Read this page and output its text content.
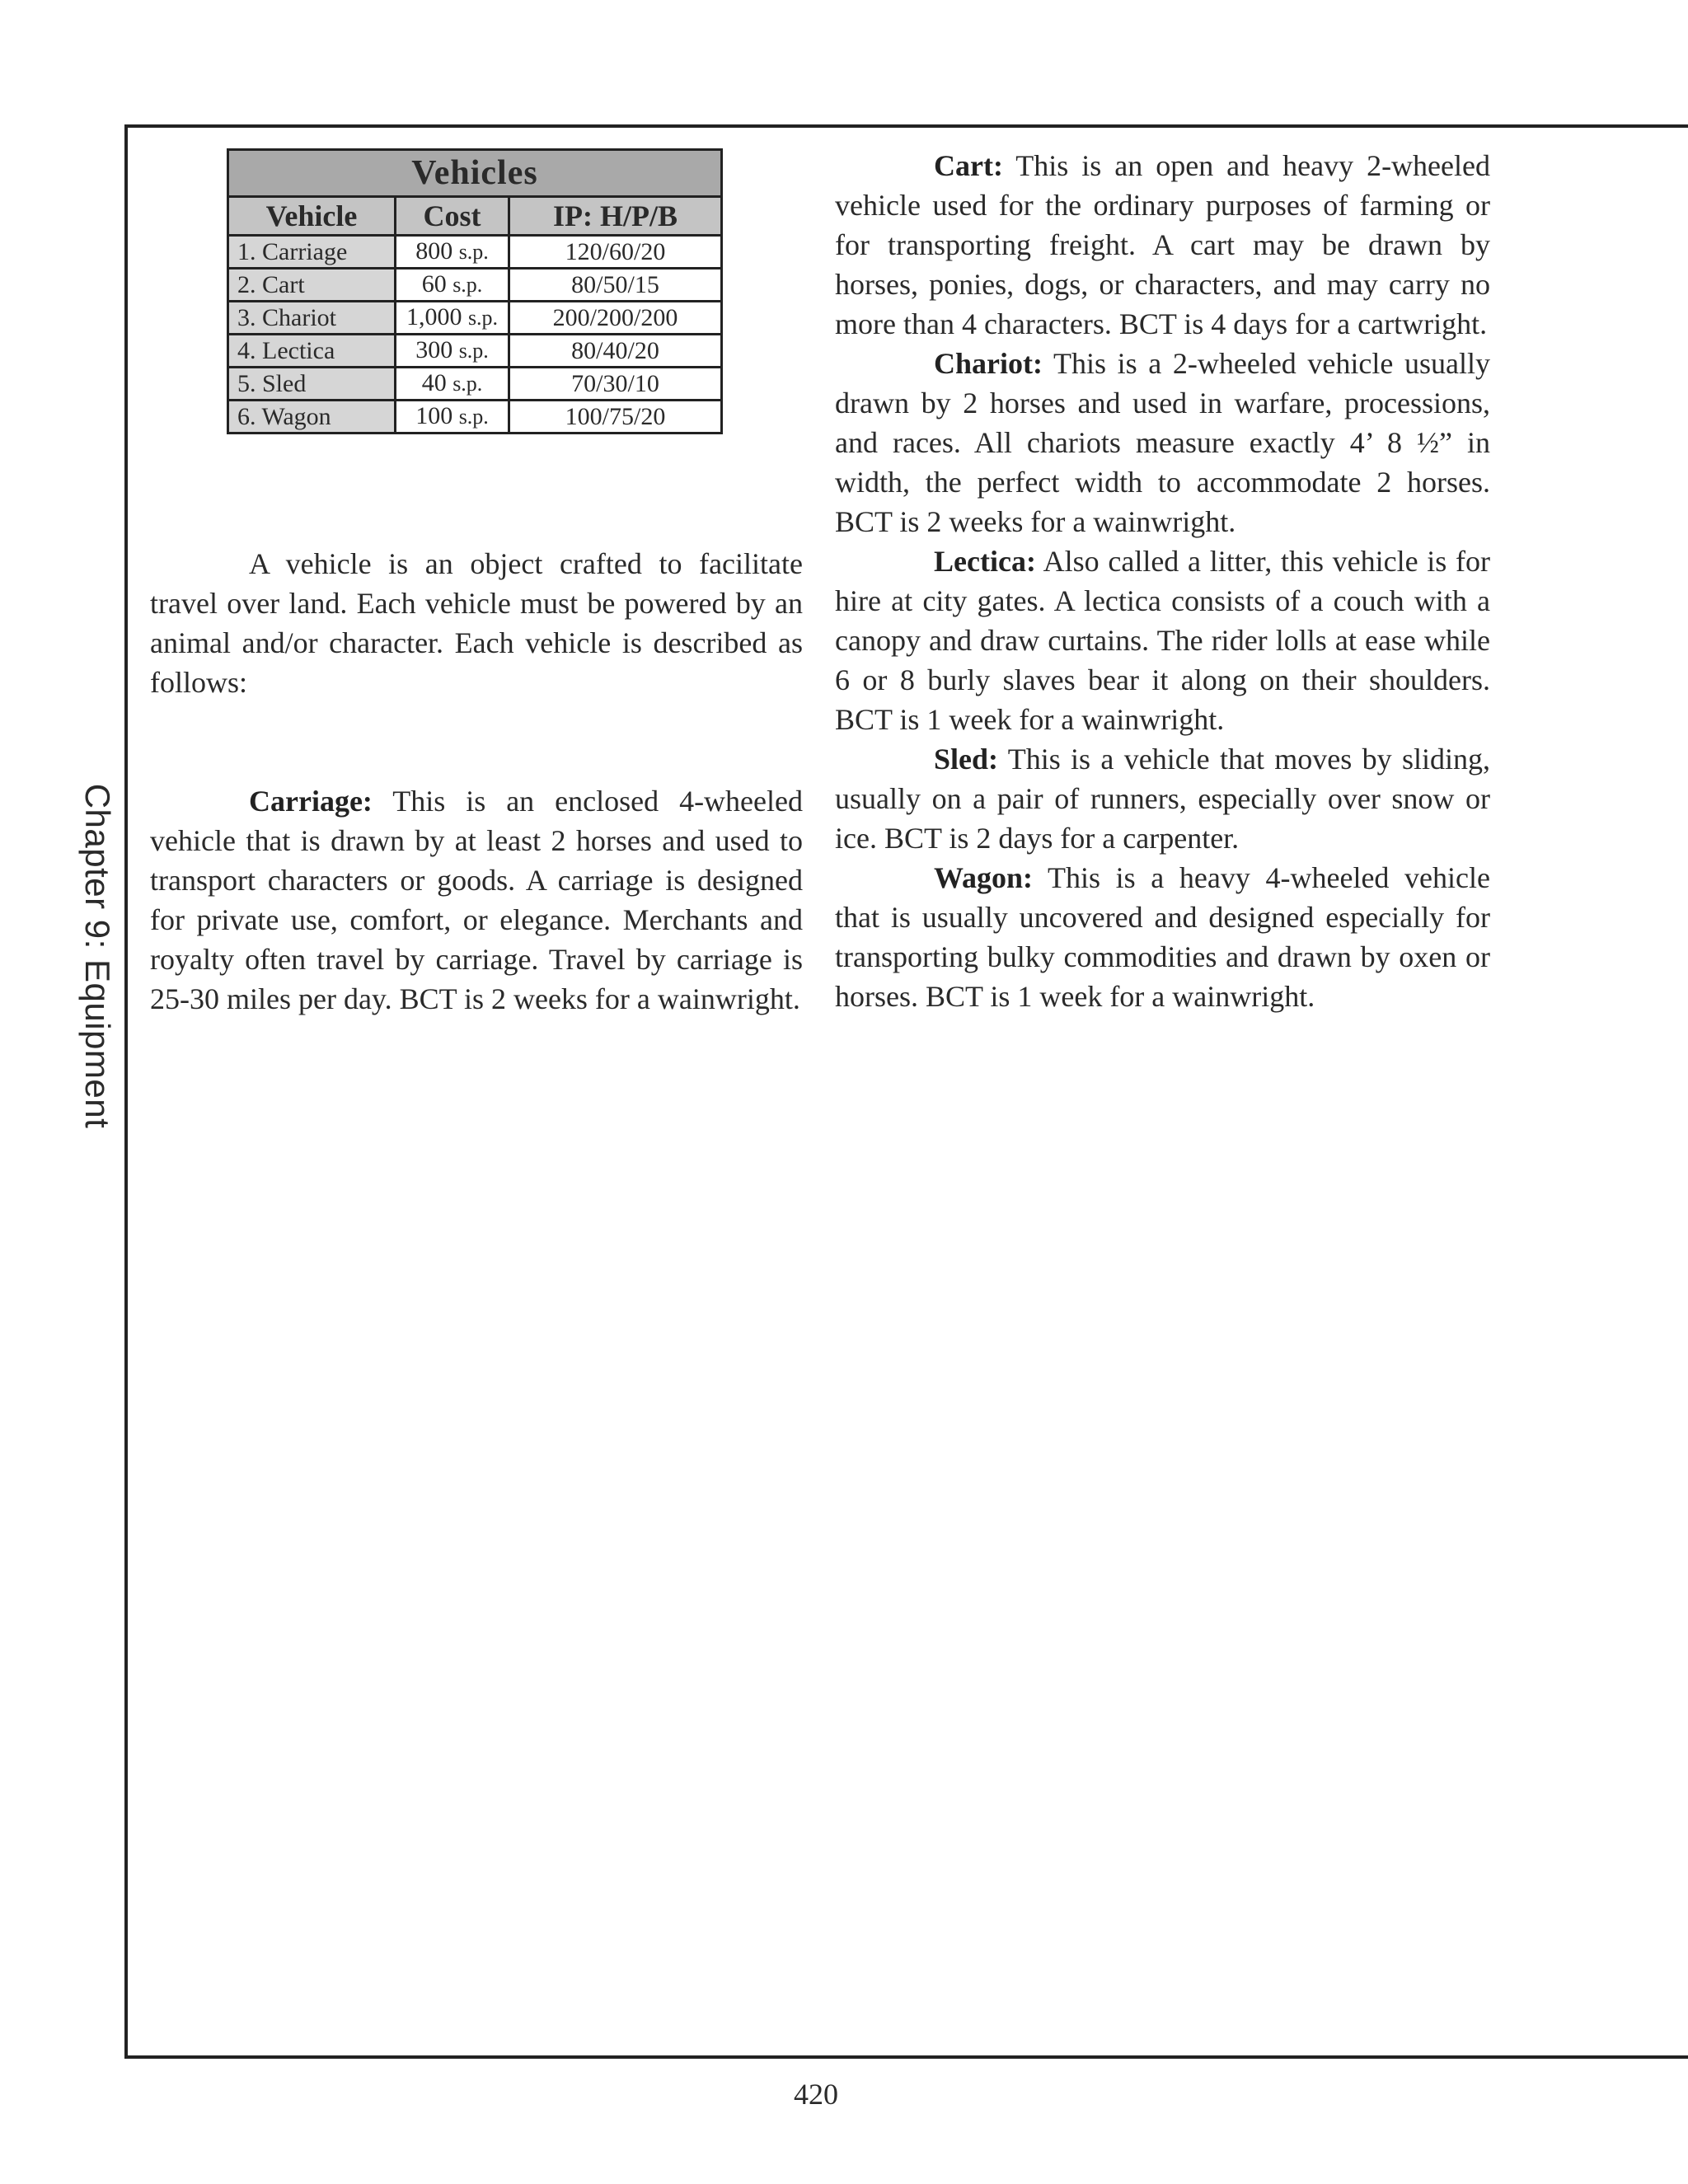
Chapter 9: Equipment
Vehicles		
Vehicle	Cost	IP: H/P/B
1. Carriage	800 s.p.	120/60/20
2. Cart	60 s.p.	80/50/15
3. Chariot	1,000 s.p.	200/200/200
4. Lectica	300 s.p.	80/40/20
5. Sled	40 s.p.	70/30/10
6. Wagon	100 s.p.	100/75/20

A vehicle is an object crafted to facilitate travel over land. Each vehicle must be powered by an animal and/or character. Each vehicle is described as follows:

Carriage: This is an enclosed 4-wheeled vehicle that is drawn by at least 2 horses and used to transport characters or goods. A carriage is designed for private use, comfort, or elegance. Merchants and royalty often travel by carriage. Travel by carriage is 25-30 miles per day. BCT is 2 weeks for a wainwright.

Cart: This is an open and heavy 2-wheeled vehicle used for the ordinary purposes of farming or for transporting freight. A cart may be drawn by horses, ponies, dogs, or characters, and may carry no more than 4 characters. BCT is 4 days for a cartwright.

Chariot: This is a 2-wheeled vehicle usually drawn by 2 horses and used in warfare, processions, and races. All chariots measure exactly 4’ 8 ½” in width, the perfect width to accommodate 2 horses. BCT is 2 weeks for a wainwright.

Lectica: Also called a litter, this vehicle is for hire at city gates. A lectica consists of a couch with a canopy and draw curtains. The rider lolls at ease while 6 or 8 burly slaves bear it along on their shoulders. BCT is 1 week for a wainwright.

Sled: This is a vehicle that moves by sliding, usually on a pair of runners, especially over snow or ice. BCT is 2 days for a carpenter.

Wagon: This is a heavy 4-wheeled vehicle that is usually uncovered and designed especially for transporting bulky commodities and drawn by oxen or horses. BCT is 1 week for a wainwright.

420
